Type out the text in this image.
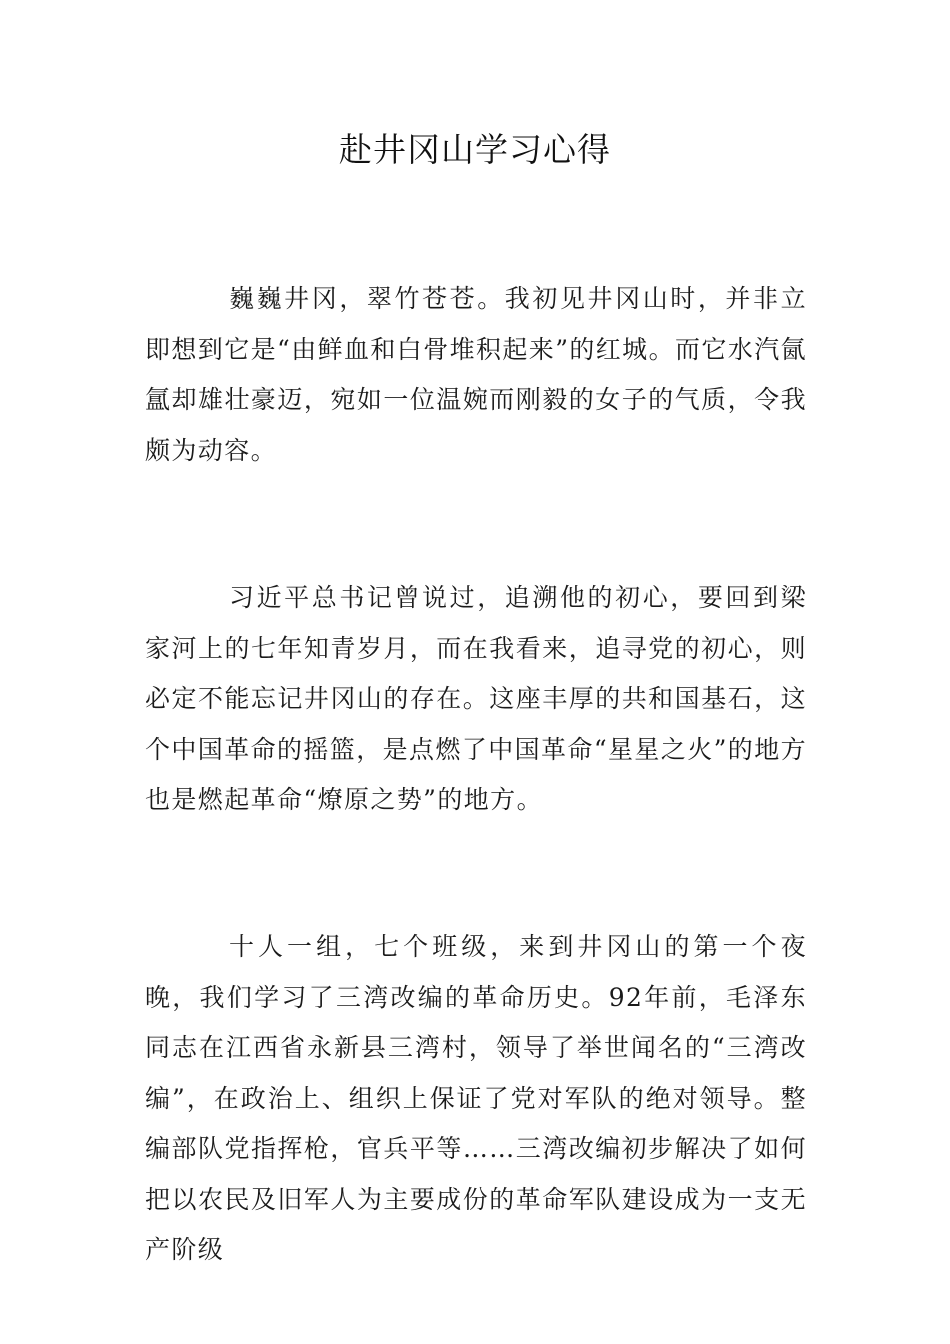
赴井冈山学习心得

巍巍井冈，翠竹苍苍。我初见井冈山时，并非立即想到它是“由鲜血和白骨堆积起来”的红城。而它水汽氤氲却雄壮豪迈，宛如一位温婉而刚毅的女子的气质，令我颇为动容。

习近平总书记曾说过，追溯他的初心，要回到梁家河上的七年知青岁月，而在我看来，追寻党的初心，则必定不能忘记井冈山的存在。这座丰厚的共和国基石，这个中国革命的摇篮，是点燃了中国革命“星星之火”的地方也是燃起革命“燎原之势”的地方。

十人一组，七个班级，来到井冈山的第一个夜晚，我们学习了三湾改编的革命历史。92年前，毛泽东同志在江西省永新县三湾村，领导了举世闻名的“三湾改编”，在政治上、组织上保证了党对军队的绝对领导。整编部队党指挥枪，官兵平等……三湾改编初步解决了如何把以农民及旧军人为主要成份的革命军队建设成为一支无产阶级
